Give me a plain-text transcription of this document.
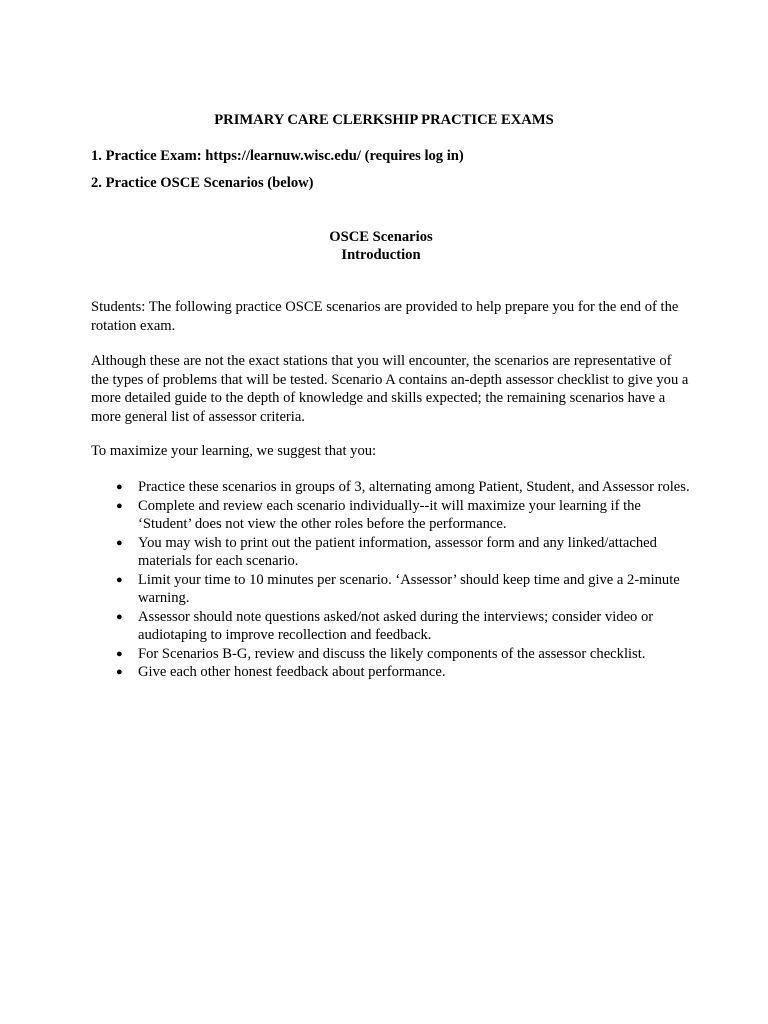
PRIMARY CARE CLERKSHIP PRACTICE EXAMS
1. Practice Exam: https://learnuw.wisc.edu/ (requires log in)
2. Practice OSCE Scenarios (below)
OSCE Scenarios
Introduction

Students: The following practice OSCE scenarios are provided to help prepare you for the end of the rotation exam.

Although these are not the exact stations that you will encounter, the scenarios are representative of the types of problems that will be tested. Scenario A contains an-depth assessor checklist to give you a more detailed guide to the depth of knowledge and skills expected; the remaining scenarios have a more general list of assessor criteria.

To maximize your learning, we suggest that you:

● Practice these scenarios in groups of 3, alternating among Patient, Student, and Assessor roles.
● Complete and review each scenario individually--it will maximize your learning if the ‘Student’ does not view the other roles before the performance.
● You may wish to print out the patient information, assessor form and any linked/attached materials for each scenario.
● Limit your time to 10 minutes per scenario. ‘Assessor’ should keep time and give a 2-minute warning.
● Assessor should note questions asked/not asked during the interviews; consider video or audiotaping to improve recollection and feedback.
● For Scenarios B-G, review and discuss the likely components of the assessor checklist.
● Give each other honest feedback about performance.
